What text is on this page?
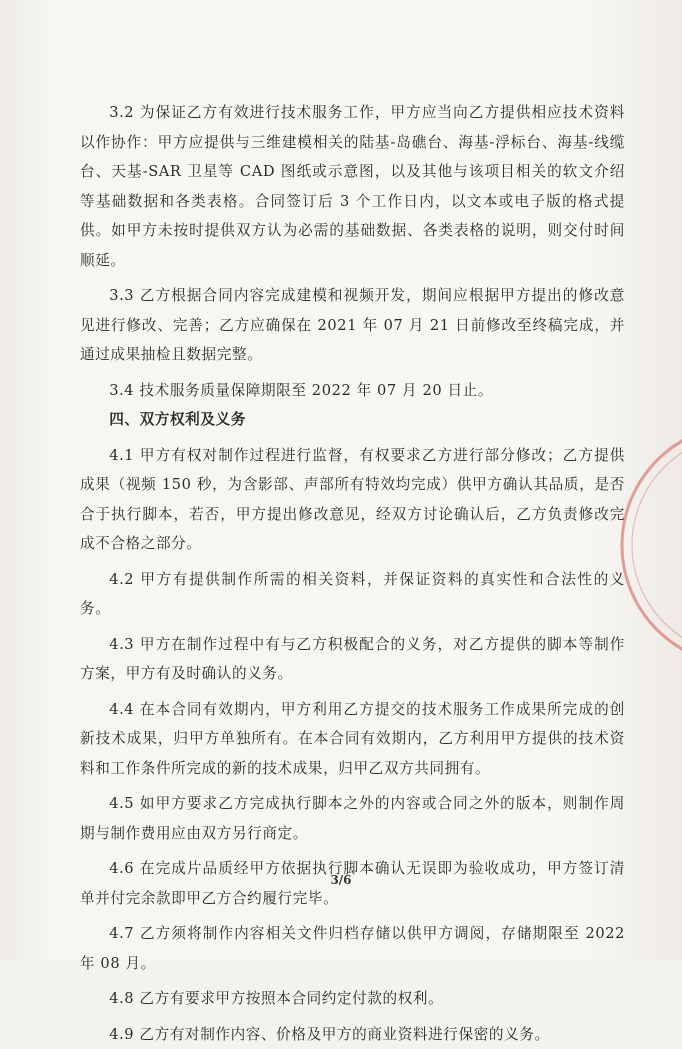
3.2 为保证乙方有效进行技术服务工作，甲方应当向乙方提供相应技术资料以作协作：甲方应提供与三维建模相关的陆基-岛礁台、海基-浮标台、海基-线缆台、天基-SAR 卫星等 CAD 图纸或示意图，以及其他与该项目相关的软文介绍等基础数据和各类表格。合同签订后 3 个工作日内，以文本或电子版的格式提供。如甲方未按时提供双方认为必需的基础数据、各类表格的说明，则交付时间顺延。

3.3 乙方根据合同内容完成建模和视频开发，期间应根据甲方提出的修改意见进行修改、完善；乙方应确保在 2021 年 07 月 21 日前修改至终稿完成，并通过成果抽检且数据完整。

3.4 技术服务质量保障期限至 2022 年 07 月 20 日止。

四、双方权利及义务

4.1 甲方有权对制作过程进行监督，有权要求乙方进行部分修改；乙方提供成果（视频 150 秒，为含影部、声部所有特效均完成）供甲方确认其品质，是否合于执行脚本，若否，甲方提出修改意见，经双方讨论确认后，乙方负责修改完成不合格之部分。

4.2 甲方有提供制作所需的相关资料，并保证资料的真实性和合法性的义务。

4.3 甲方在制作过程中有与乙方积极配合的义务，对乙方提供的脚本等制作方案，甲方有及时确认的义务。

4.4 在本合同有效期内，甲方利用乙方提交的技术服务工作成果所完成的创新技术成果，归甲方单独所有。在本合同有效期内，乙方利用甲方提供的技术资料和工作条件所完成的新的技术成果，归甲乙双方共同拥有。

4.5 如甲方要求乙方完成执行脚本之外的内容或合同之外的版本，则制作周期与制作费用应由双方另行商定。

4.6 在完成片品质经甲方依据执行脚本确认无误即为验收成功，甲方签订清单并付完余款即甲乙方合约履行完毕。

4.7 乙方须将制作内容相关文件归档存储以供甲方调阅，存储期限至 2022 年 08 月。

4.8 乙方有要求甲方按照本合同约定付款的权利。

4.9 乙方有对制作内容、价格及甲方的商业资料进行保密的义务。

3/6
